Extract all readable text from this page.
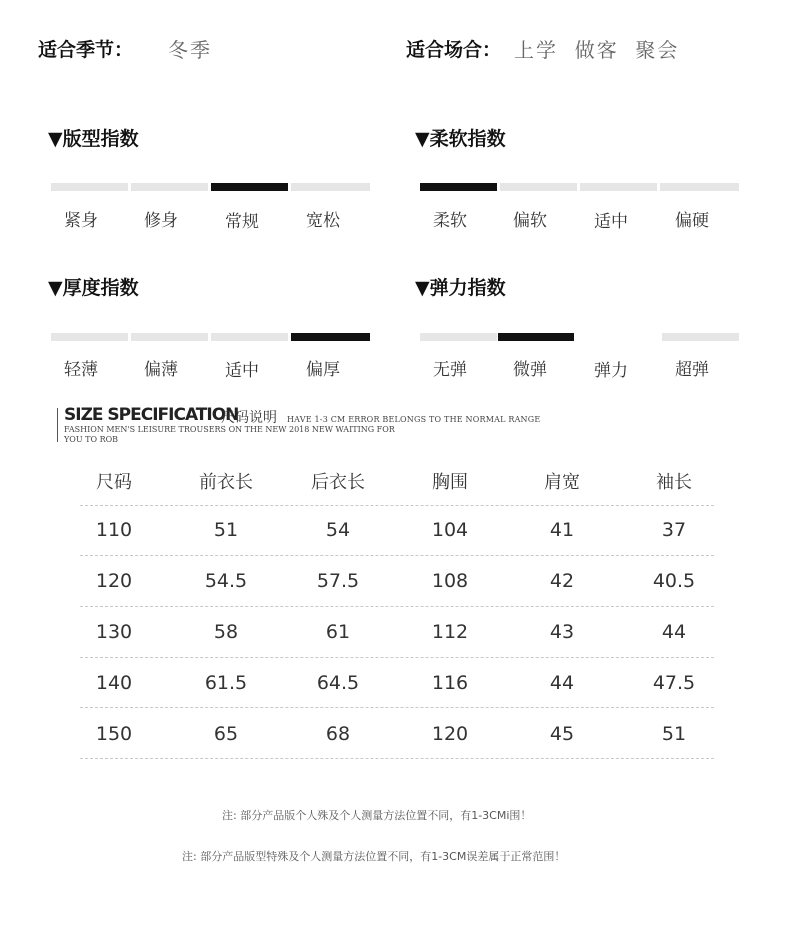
适合季节： 冬季	适合场合： 上学  做客  聚会
▼版型指数
紧身	修身	常规	宽松
▼柔软指数
柔软	偏软	适中	偏硬
▼厚度指数
轻薄	偏薄	适中	偏厚
▼弹力指数
无弹	微弹	弹力	超弹
SIZE SPECIFICATION
尺码说明 HAVE 1-3 CM ERROR BELONGS TO THE NORMAL RANGE
FASHION MEN'S LEISURE TROUSERS ON THE NEW 2018 NEW WAITING FOR
YOU TO ROB
尺码	前衣长	后衣长	胸围	肩宽	袖长
110	51	54	104	41	37
120	54.5	57.5	108	42	40.5
130	58	61	112	43	44
140	61.5	64.5	116	44	47.5
150	65	68	120	45	51
注: 部分产品版个人殊及个人测量方法位置不同，有1-3CMi围！
注: 部分产品版型特殊及个人测量方法位置不同，有1-3CM误差属于正常范围！
